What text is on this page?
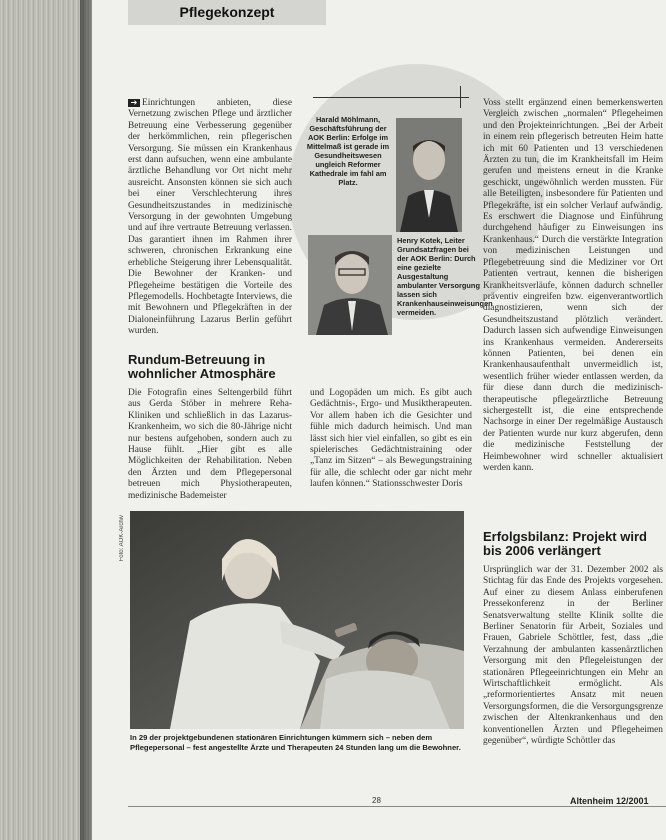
Pflegekonzept

➔ Einrichtungen anbieten, diese Vernetzung zwischen Pflege und ärztlicher Betreuung eine Verbesserung gegenüber der herkömmlichen, rein pflegerischen Versorgung. Sie müssen ein Krankenhaus erst dann aufsuchen, wenn eine ambulante ärztliche Behandlung vor Ort nicht mehr ausreicht. Ansonsten können sie sich auch bei einer Verschlechterung ihres Gesundheitszustandes in medizinische Versorgung in der gewohnten Umgebung und auf ihre vertraute Betreuung verlassen. Das garantiert ihnen im Rahmen ihrer schweren, chronischen Erkrankung eine erhebliche Steigerung ihrer Lebensqualität. Die Bewohner der Kranken- und Pflegeheime bestätigen die Vorteile des Pflegemodells. Hochbetagte Interviews, die mit Bewohnern und Pflegekräften in der Dialoneinführung Lazarus Berlin geführt wurden.

Harald Möhlmann, Geschäftsführung der AOK Berlin: Erfolge im Mittelmaß ist gerade im Gesundheitswesen ungleich Reformer Kathedrale im fahl am Platz.

Henry Kotek, Leiter Grundsatzfragen bei der AOK Berlin: Durch eine gezielte Ausgestaltung ambulanter Versorgung lassen sich Krankenhauseinweisungen vermeiden.

Rundum-Betreuung in wohnlicher Atmosphäre

Die Fotografin eines Seltengerbild führt aus Gerda Stöber in mehrere Reha-Kliniken und schließlich in das Lazarus-Krankenheim, wo sich die 80-Jährige nicht nur bestens aufgehoben, sondern auch zu Hause fühlt. „Hier gibt es alle Möglichkeiten der Rehabilitation. Neben den Ärzten und dem Pflegepersonal betreuen mich Physiotherapeuten, medizinische Bademeister

und Logopäden um mich. Es gibt auch Gedächtnis-, Ergo- und Musiktherapeuten. Vor allem haben ich die Gesichter und fühle mich dadurch heimisch. Und man lässt sich hier viel einfallen, so gibt es ein spielerisches Gedächtnistraining oder „Tanz im Sitzen“ – als Bewegungstraining für alle, die schlecht oder gar nicht mehr laufen können.“ Stationsschwester Doris

Voss stellt ergänzend einen bemerkenswerten Vergleich zwischen „normalen“ Pflegeheimen und den Projekteinrichtungen. „Bei der Arbeit in einem rein pflegerisch betreuten Heim hatte ich mit 60 Patienten und 13 verschiedenen Ärzten zu tun, die im Krankheitsfall im Heim gerufen und meistens erneut in die Kranke geschickt, ungewöhnlich werden mussten. Für alle Beteiligten, insbesondere für Patienten und Pflegekräfte, ist ein solcher Verlauf aufwändig. Es erschwert die Diagnose und Einführung durchgehend häufiger zu Einweisungen ins Krankenhaus.“ Durch die verstärkte Integration von medizinischen Leistungen und Pflegebetreuung sind die Mediziner vor Ort Patienten vertraut, kennen die bisherigen Krankheitsverläufe, können dadurch schneller präventiv eingreifen bzw. eigenverantwortlich diagnostizieren, wenn sich der Gesundheitszustand plötzlich verändert. Dadurch lassen sich aufwendige Einweisungen ins Krankenhaus vermeiden. Andererseits können Patienten, bei denen ein Krankenhausaufenthalt unvermeidlich ist, wesentlich früher wieder entlassen werden, da für diese dann durch die medizinisch-therapeutische pflegeärztliche Betreuung sichergestellt ist, die eine entsprechende Nachsorge in einer Der regelmäßige Austausch der Patienten wurde nur kurz abgerufen, denn die medizinische Feststellung der Heimbewohner wird schneller aktualisiert werden kann.

Erfolgsbilanz: Projekt wird bis 2006 verlängert

Ursprünglich war der 31. Dezember 2002 als Stichtag für das Ende des Projekts vorgesehen. Auf einer zu diesem Anlass einberufenen Pressekonferenz in der Berliner Senatsverwaltung stellte Klinik sollte die Berliner Senatorin für Arbeit, Soziales und Frauen, Gabriele Schöttler, fest, dass „die Verzahnung der ambulanten kassenärztlichen Versorgung mit den Pflegeleistungen der stationären Pflegeeinrichtungen ein Mehr an Wirtschaftlichkeit ermöglicht. Als „reformorientiertes Ansatz mit neuen Versorgungsformen, die die Versorgungsgrenze zwischen der Altenkrankenhaus und den konventionellen Ärzten und Pflegeheimen gegenüber“, würdigte Schöttler das

Foto: AOK-Archiv

In 29 der projektgebundenen stationären Einrichtungen kümmern sich – neben dem Pflegepersonal – fest angestellte Ärzte und Therapeuten 24 Stunden lang um die Bewohner.

28	Altenheim 12/2001
